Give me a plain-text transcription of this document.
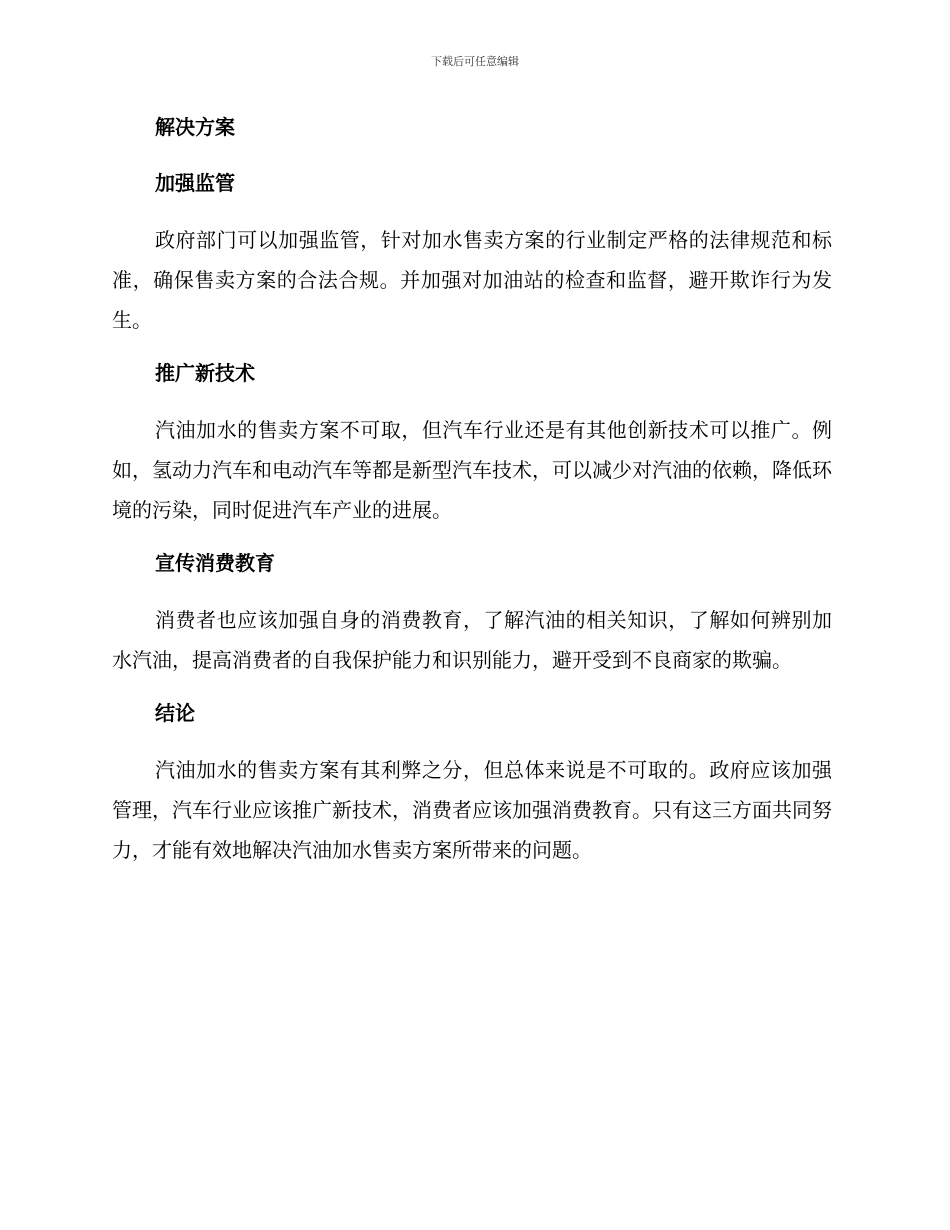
下载后可任意编辑
解决方案
加强监管

政府部门可以加强监管，针对加水售卖方案的行业制定严格的法律规范和标准，确保售卖方案的合法合规。并加强对加油站的检查和监督，避开欺诈行为发生。

推广新技术

汽油加水的售卖方案不可取，但汽车行业还是有其他创新技术可以推广。例如，氢动力汽车和电动汽车等都是新型汽车技术，可以减少对汽油的依赖，降低环境的污染，同时促进汽车产业的进展。

宣传消费教育

消费者也应该加强自身的消费教育，了解汽油的相关知识，了解如何辨别加水汽油，提高消费者的自我保护能力和识别能力，避开受到不良商家的欺骗。

结论

汽油加水的售卖方案有其利弊之分，但总体来说是不可取的。政府应该加强管理，汽车行业应该推广新技术，消费者应该加强消费教育。只有这三方面共同努力，才能有效地解决汽油加水售卖方案所带来的问题。
